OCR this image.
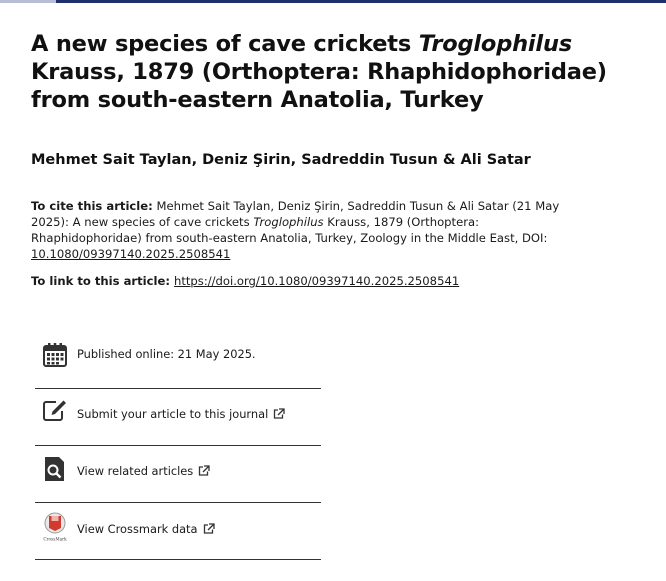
A new species of cave crickets Troglophilus Krauss, 1879 (Orthoptera: Rhaphidophoridae) from south-eastern Anatolia, Turkey
Mehmet Sait Taylan, Deniz Şirin, Sadreddin Tusun & Ali Satar

To cite this article: Mehmet Sait Taylan, Deniz Şirin, Sadreddin Tusun & Ali Satar (21 May 2025): A new species of cave crickets Troglophilus Krauss, 1879 (Orthoptera: Rhaphidophoridae) from south-eastern Anatolia, Turkey, Zoology in the Middle East, DOI:
10.1080/09397140.2025.2508541

To link to this article: https://doi.org/10.1080/09397140.2025.2508541

Published online: 21 May 2025.
Submit your article to this journal
View related articles
CrossMark
View Crossmark data
